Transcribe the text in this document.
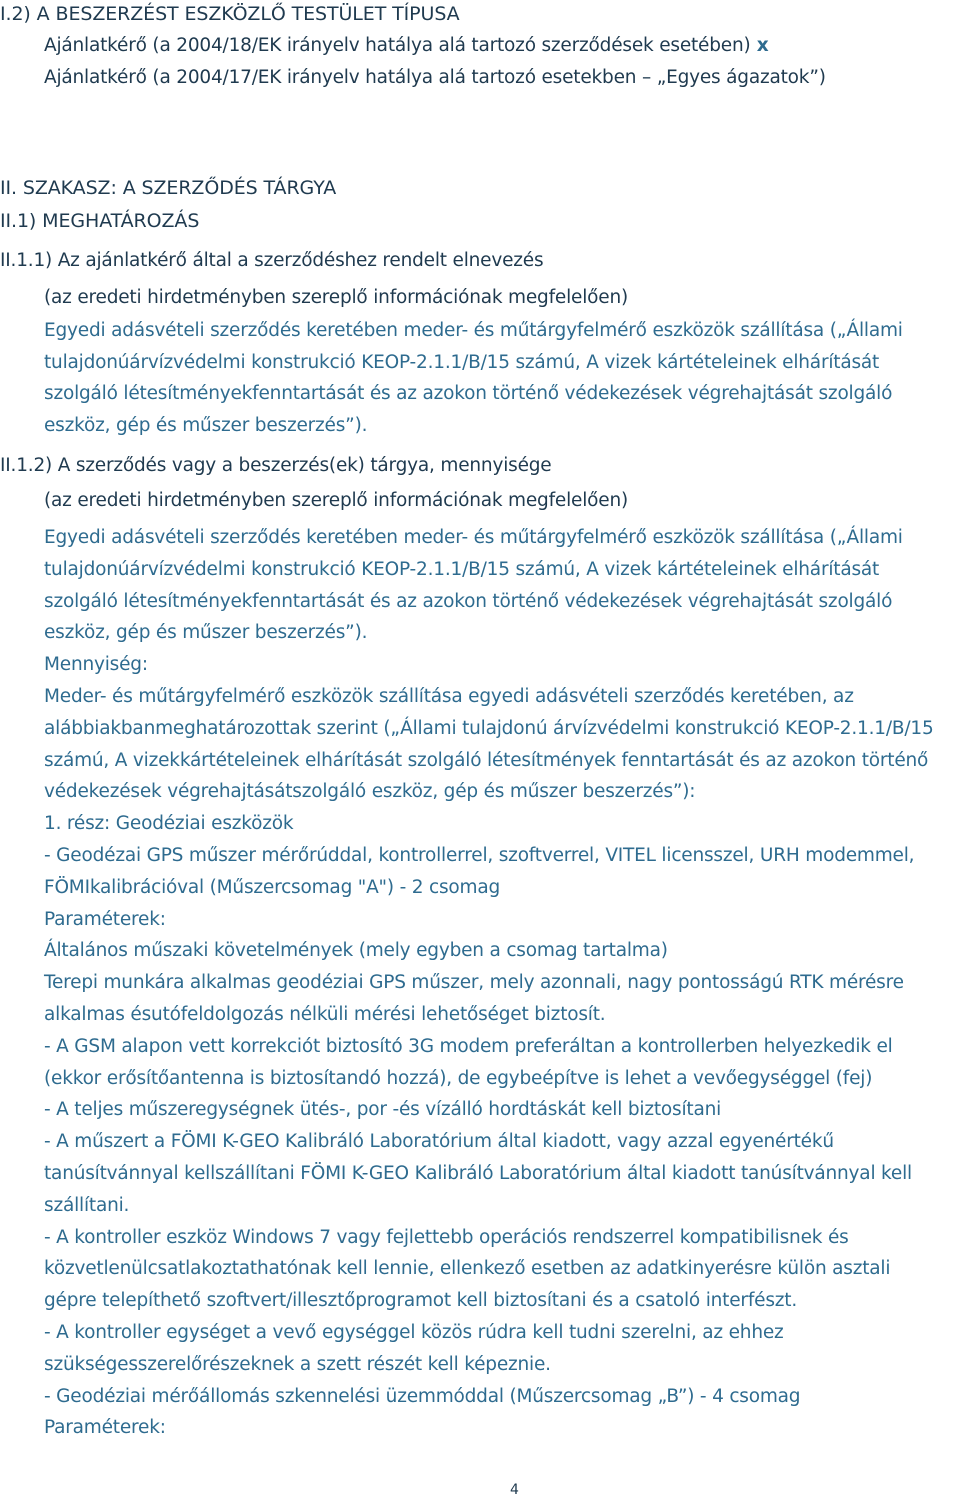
I.2) A BESZERZÉST ESZKÖZLŐ TESTÜLET TÍPUSA
Ajánlatkérő (a 2004/18/EK irányelv hatálya alá tartozó szerződések esetében) x
Ajánlatkérő (a 2004/17/EK irányelv hatálya alá tartozó esetekben – „Egyes ágazatok”)
II. SZAKASZ: A SZERZŐDÉS TÁRGYA
II.1) MEGHATÁROZÁS
II.1.1) Az ajánlatkérő által a szerződéshez rendelt elnevezés
(az eredeti hirdetményben szereplő információnak megfelelően)
Egyedi adásvételi szerződés keretében meder- és műtárgyfelmérő eszközök szállítása („Állami
tulajdonúárvízvédelmi konstrukció KEOP-2.1.1/B/15 számú, A vizek kártételeinek elhárítását
szolgáló létesítményekfenntartását és az azokon történő védekezések végrehajtását szolgáló
eszköz, gép és műszer beszerzés”).
II.1.2) A szerződés vagy a beszerzés(ek) tárgya, mennyisége
(az eredeti hirdetményben szereplő információnak megfelelően)
Egyedi adásvételi szerződés keretében meder- és műtárgyfelmérő eszközök szállítása („Állami
tulajdonúárvízvédelmi konstrukció KEOP-2.1.1/B/15 számú, A vizek kártételeinek elhárítását
szolgáló létesítményekfenntartását és az azokon történő védekezések végrehajtását szolgáló
eszköz, gép és műszer beszerzés”).
Mennyiség:
Meder- és műtárgyfelmérő eszközök szállítása egyedi adásvételi szerződés keretében, az
alábbiakbanmeghatározottak szerint („Állami tulajdonú árvízvédelmi konstrukció KEOP-2.1.1/B/15
számú, A vizekkártételeinek elhárítását szolgáló létesítmények fenntartását és az azokon történő
védekezések végrehajtásátszolgáló eszköz, gép és műszer beszerzés”):
1. rész: Geodéziai eszközök
- Geodézai GPS műszer mérőrúddal, kontrollerrel, szoftverrel, VITEL licensszel, URH modemmel,
FÖMIkalibrációval (Műszercsomag "A") - 2 csomag
Paraméterek:
Általános műszaki követelmények (mely egyben a csomag tartalma)
Terepi munkára alkalmas geodéziai GPS műszer, mely azonnali, nagy pontosságú RTK mérésre
alkalmas ésutófeldolgozás nélküli mérési lehetőséget biztosít.
- A GSM alapon vett korrekciót biztosító 3G modem preferáltan a kontrollerben helyezkedik el
(ekkor erősítőantenna is biztosítandó hozzá), de egybeépítve is lehet a vevőegységgel (fej)
- A teljes műszeregységnek ütés-, por -és vízálló hordtáskát kell biztosítani
- A műszert a FÖMI K-GEO Kalibráló Laboratórium által kiadott, vagy azzal egyenértékű
tanúsítvánnyal kellszállítani FÖMI K-GEO Kalibráló Laboratórium által kiadott tanúsítvánnyal kell
szállítani.
- A kontroller eszköz Windows 7 vagy fejlettebb operációs rendszerrel kompatibilisnek és
közvetlenülcsatlakoztathatónak kell lennie, ellenkező esetben az adatkinyerésre külön asztali
gépre telepíthető szoftvert/illesztőprogramot kell biztosítani és a csatoló interfészt.
- A kontroller egységet a vevő egységgel közös rúdra kell tudni szerelni, az ehhez
szükségesszerelőrészeknek a szett részét kell képeznie.
- Geodéziai mérőállomás szkennelési üzemmóddal (Műszercsomag „B”) - 4 csomag
Paraméterek:
4
